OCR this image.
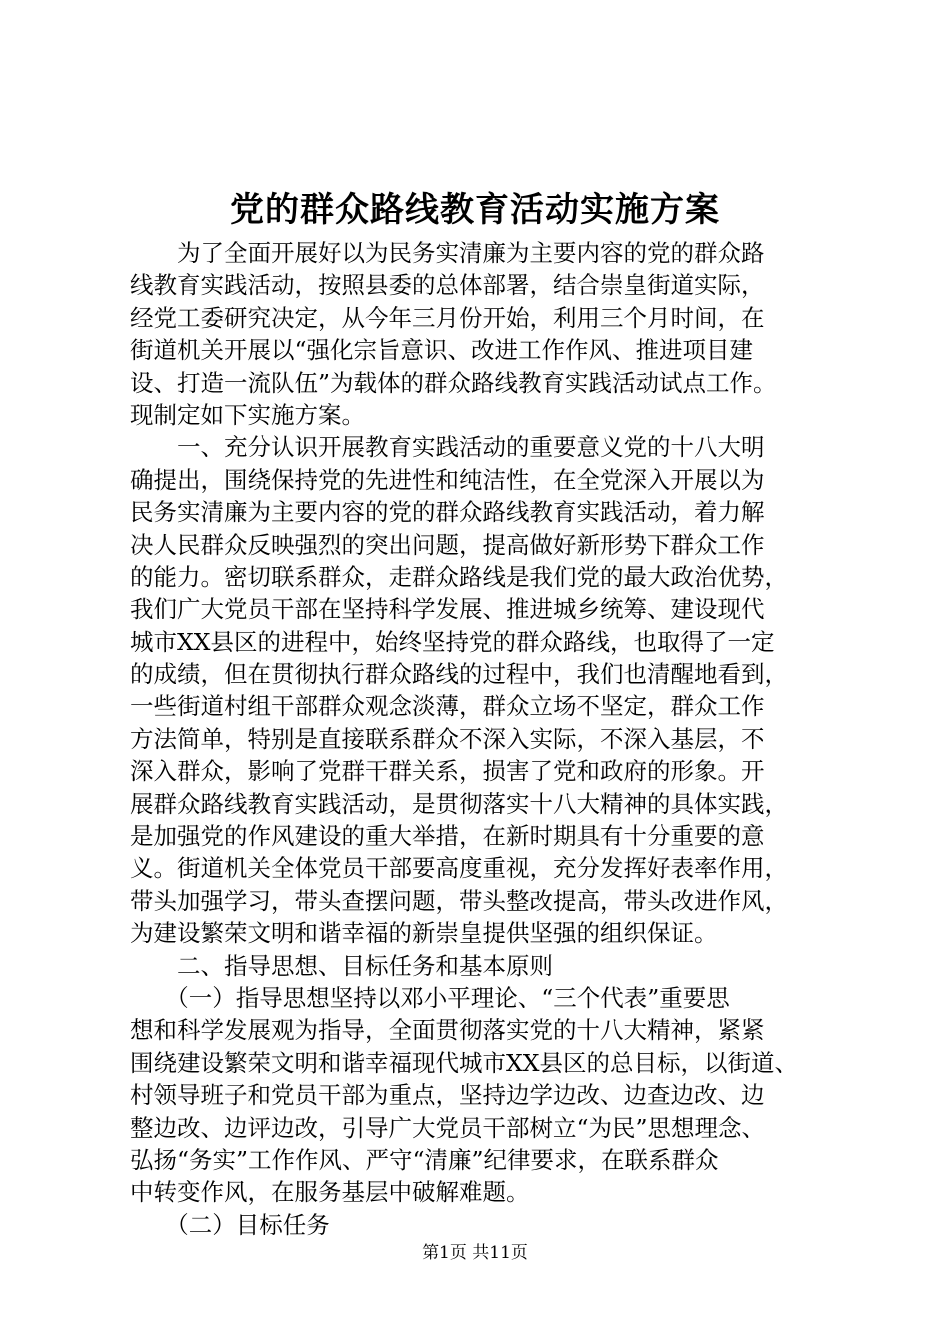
党的群众路线教育活动实施方案
　　为了全面开展好以为民务实清廉为主要内容的党的群众路
线教育实践活动，按照县委的总体部署，结合崇皇街道实际，
经党工委研究决定，从今年三月份开始，利用三个月时间，在
街道机关开展以“强化宗旨意识、改进工作作风、推进项目建
设、打造一流队伍”为载体的群众路线教育实践活动试点工作。
现制定如下实施方案。
　　一、充分认识开展教育实践活动的重要意义党的十八大明
确提出，围绕保持党的先进性和纯洁性，在全党深入开展以为
民务实清廉为主要内容的党的群众路线教育实践活动，着力解
决人民群众反映强烈的突出问题，提高做好新形势下群众工作
的能力。密切联系群众，走群众路线是我们党的最大政治优势，
我们广大党员干部在坚持科学发展、推进城乡统筹、建设现代
城市XX县区的进程中，始终坚持党的群众路线，也取得了一定
的成绩，但在贯彻执行群众路线的过程中，我们也清醒地看到，
一些街道村组干部群众观念淡薄，群众立场不坚定，群众工作
方法简单，特别是直接联系群众不深入实际，不深入基层，不
深入群众，影响了党群干群关系，损害了党和政府的形象。开
展群众路线教育实践活动，是贯彻落实十八大精神的具体实践，
是加强党的作风建设的重大举措，在新时期具有十分重要的意
义。街道机关全体党员干部要高度重视，充分发挥好表率作用，
带头加强学习，带头查摆问题，带头整改提高，带头改进作风，
为建设繁荣文明和谐幸福的新崇皇提供坚强的组织保证。
　　二、指导思想、目标任务和基本原则
　　（一）指导思想坚持以邓小平理论、“三个代表”重要思
想和科学发展观为指导，全面贯彻落实党的十八大精神，紧紧
围绕建设繁荣文明和谐幸福现代城市XX县区的总目标，以街道、
村领导班子和党员干部为重点，坚持边学边改、边查边改、边
整边改、边评边改，引导广大党员干部树立“为民”思想理念、
弘扬“务实”工作作风、严守“清廉”纪律要求，在联系群众
中转变作风，在服务基层中破解难题。
　　（二）目标任务
第1页 共11页
